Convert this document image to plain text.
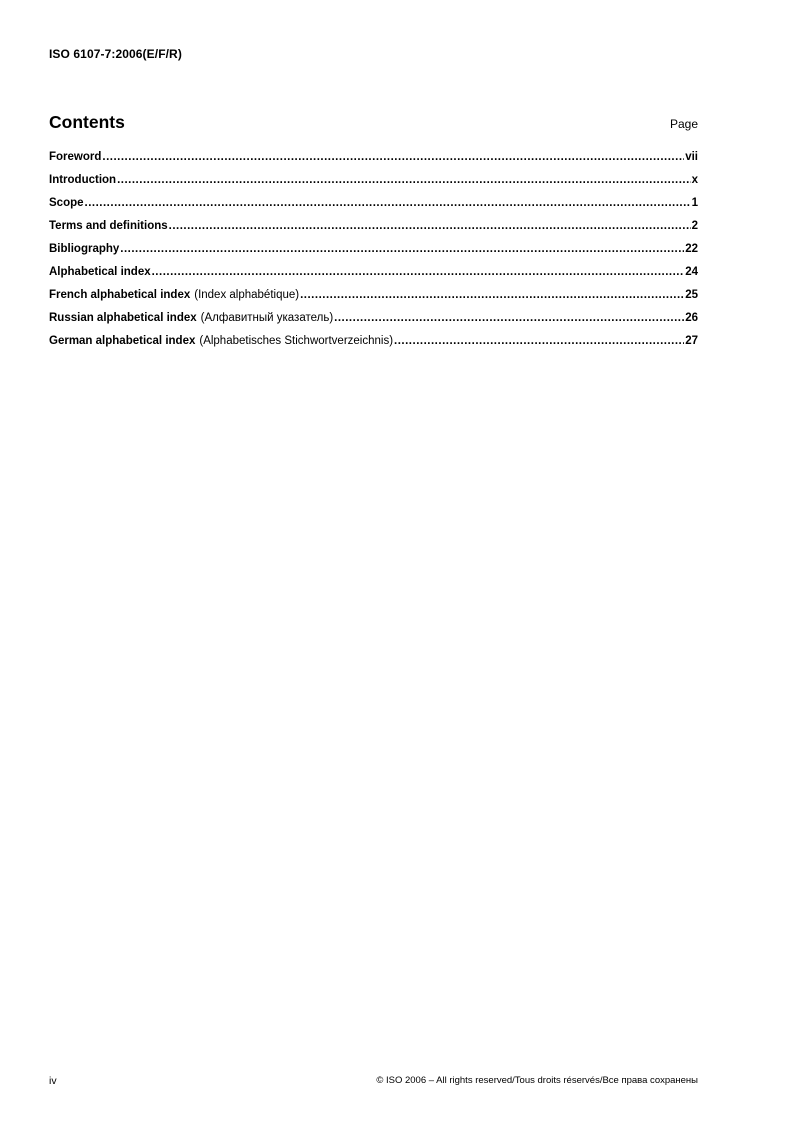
ISO 6107-7:2006(E/F/R)
Contents	Page
Foreword .....	vii
Introduction .....	x
Scope .....	1
Terms and definitions .....	2
Bibliography .....	22
Alphabetical index .....	24
French alphabetical index (Index alphabétique) .....	25
Russian alphabetical index (Алфавитный указатель) .....	26
German alphabetical index (Alphabetisches Stichwortverzeichnis) .....	27
iv	© ISO 2006 – All rights reserved/Tous droits réservés/Все права сохранены
